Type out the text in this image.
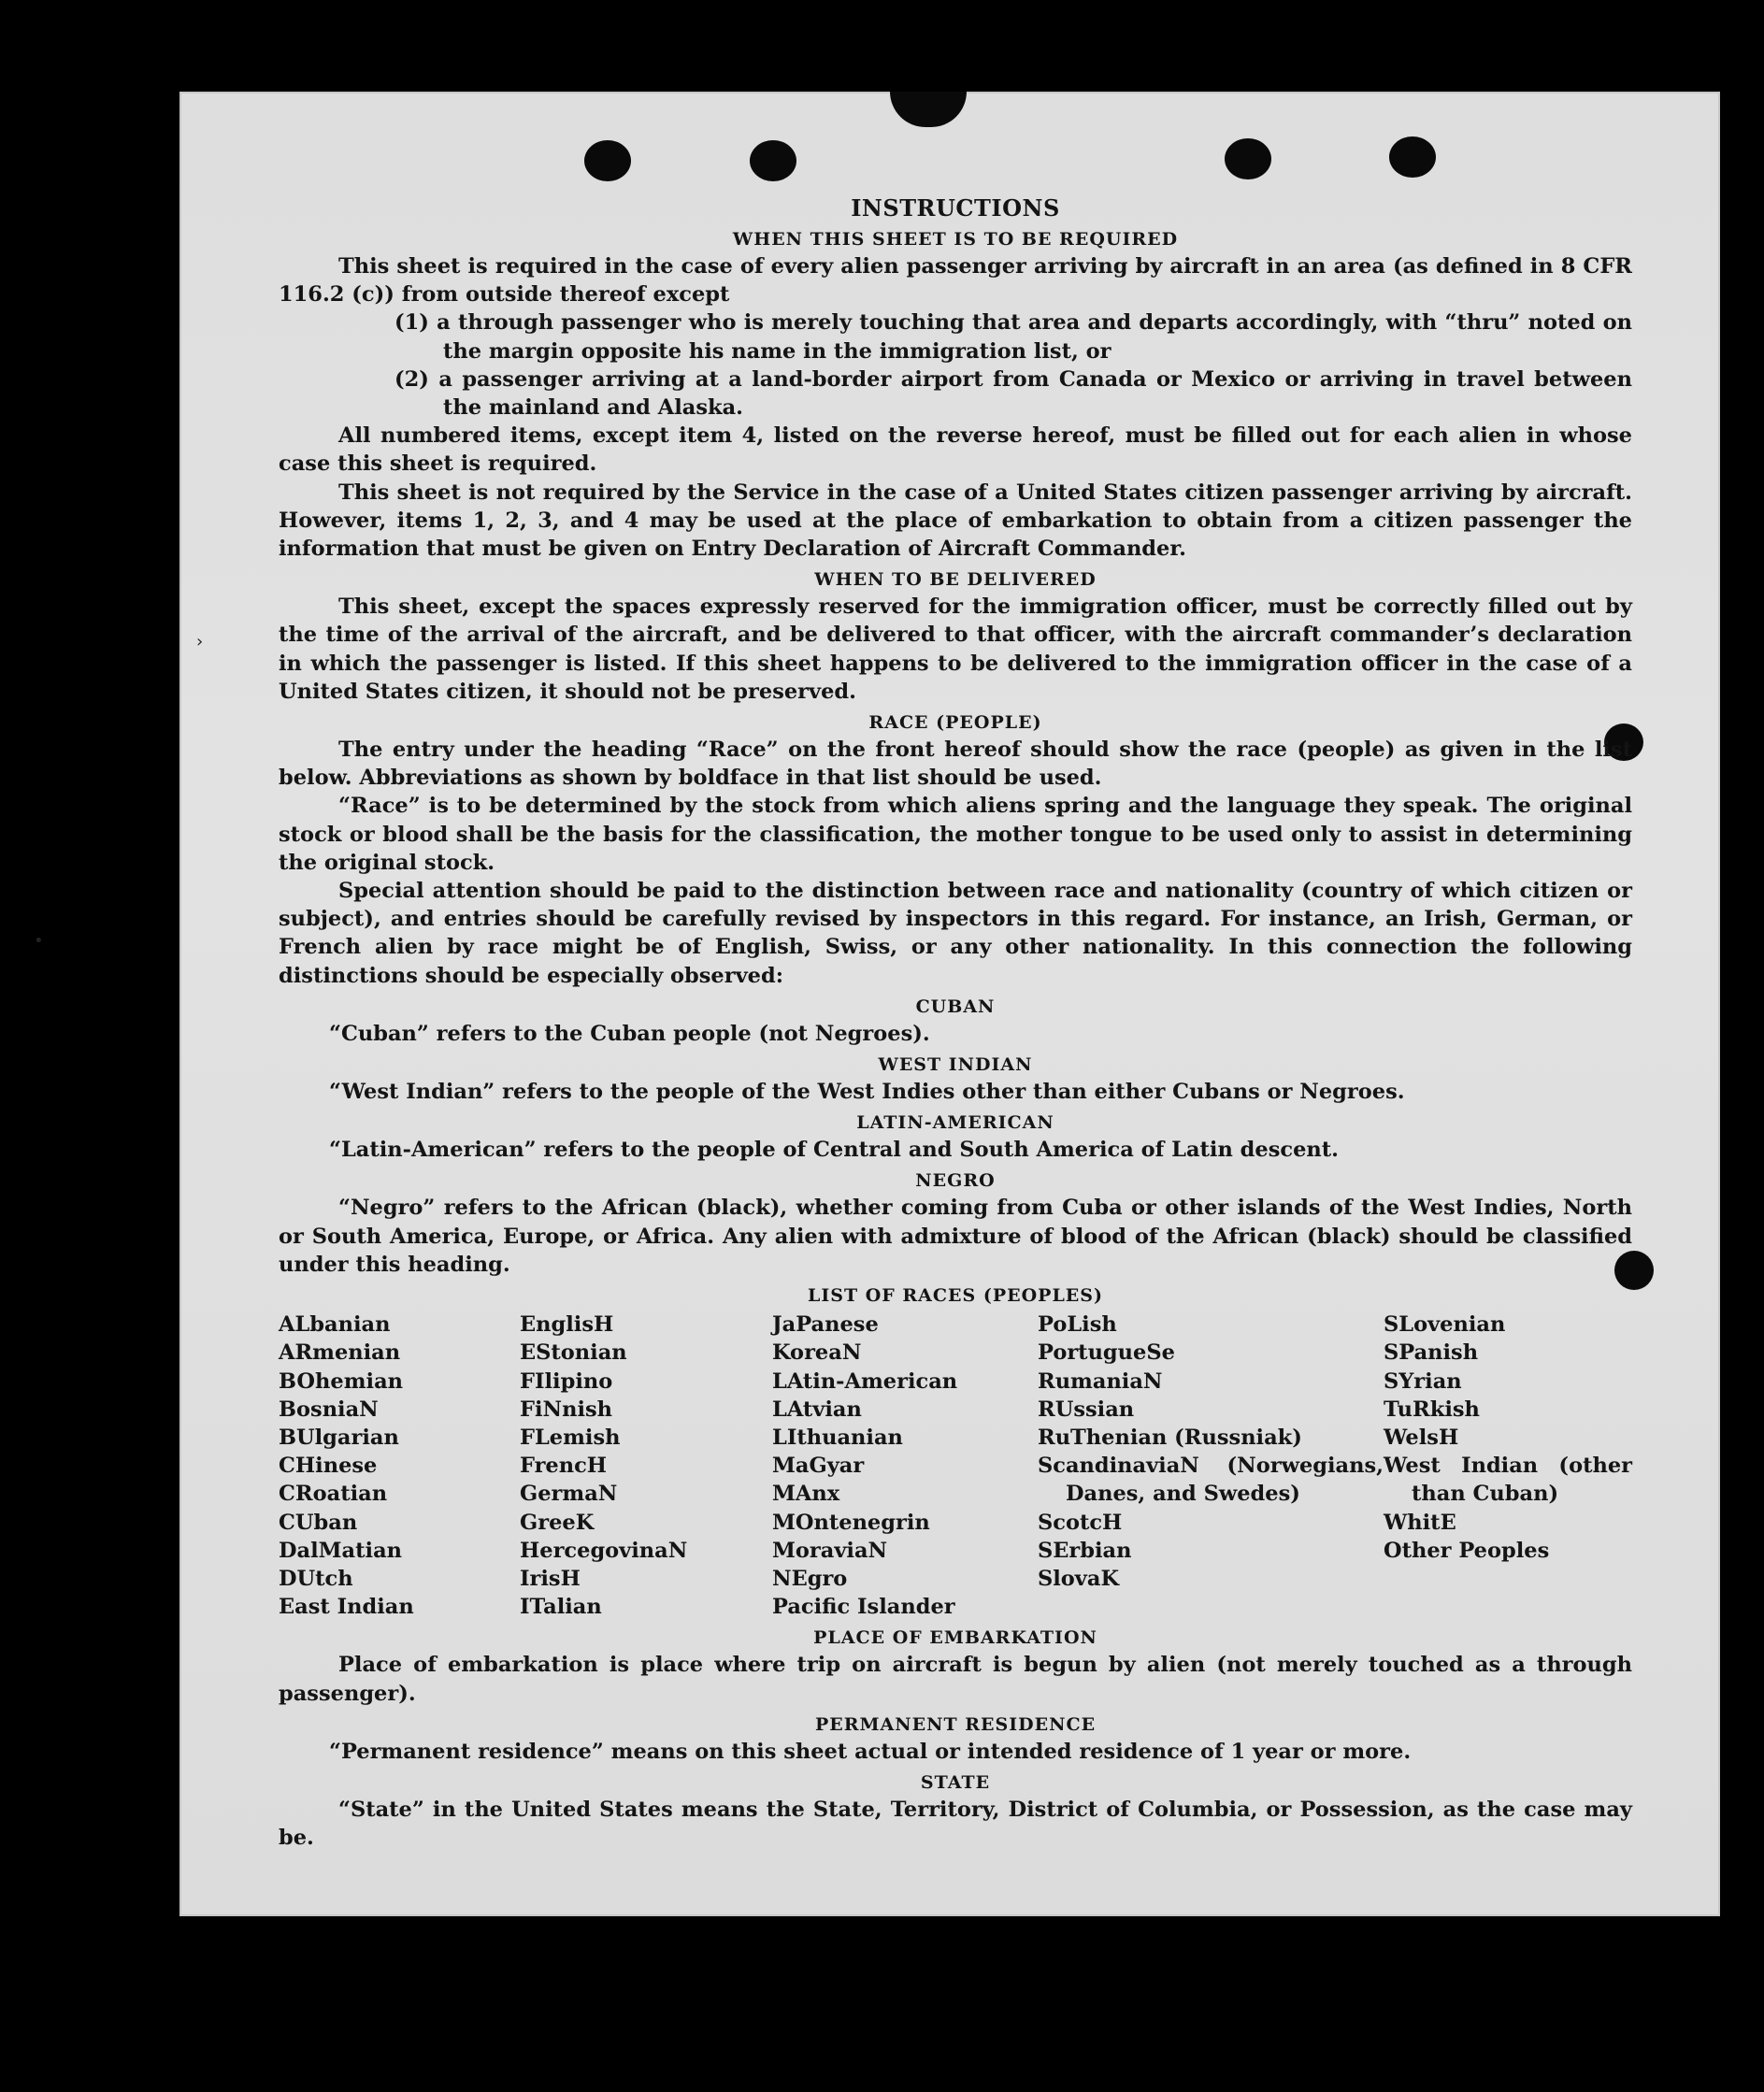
›
•
INSTRUCTIONS
WHEN THIS SHEET IS TO BE REQUIRED

This sheet is required in the case of every alien passenger arriving by aircraft in an area (as defined in 8 CFR 116.2 (c)) from outside thereof except

(1) a through passenger who is merely touching that area and departs accordingly, with “thru” noted on the margin opposite his name in the immigration list, or

(2) a passenger arriving at a land-border airport from Canada or Mexico or arriving in travel between the mainland and Alaska.

All numbered items, except item 4, listed on the reverse hereof, must be filled out for each alien in whose case this sheet is required.

This sheet is not required by the Service in the case of a United States citizen passenger arriving by aircraft. However, items 1, 2, 3, and 4 may be used at the place of embarkation to obtain from a citizen passenger the information that must be given on Entry Declaration of Aircraft Commander.

WHEN TO BE DELIVERED

This sheet, except the spaces expressly reserved for the immigration officer, must be correctly filled out by the time of the arrival of the aircraft, and be delivered to that officer, with the aircraft commander’s declaration in which the passenger is listed. If this sheet happens to be delivered to the immigration officer in the case of a United States citizen, it should not be preserved.

RACE (PEOPLE)

The entry under the heading “Race” on the front hereof should show the race (people) as given in the list below. Abbreviations as shown by boldface in that list should be used.

“Race” is to be determined by the stock from which aliens spring and the language they speak. The original stock or blood shall be the basis for the classification, the mother tongue to be used only to assist in determining the original stock.

Special attention should be paid to the distinction between race and nationality (country of which citizen or subject), and entries should be carefully revised by inspectors in this regard. For instance, an Irish, German, or French alien by race might be of English, Swiss, or any other nationality. In this connection the following distinctions should be especially observed:

CUBAN
“Cuban” refers to the Cuban people (not Negroes).
WEST INDIAN
“West Indian” refers to the people of the West Indies other than either Cubans or Negroes.
LATIN-AMERICAN
“Latin-American” refers to the people of Central and South America of Latin descent.
NEGRO

“Negro” refers to the African (black), whether coming from Cuba or other islands of the West Indies, North or South America, Europe, or Africa. Any alien with admixture of blood of the African (black) should be classified under this heading.

LIST OF RACES (PEOPLES)
ALbanian
ARmenian
BOhemian
BosniaN
BUlgarian
CHinese
CRoatian
CUban
DalMatian
DUtch
East Indian
EnglisH
EStonian
FIlipino
FiNnish
FLemish
FrencH
GermaN
GreeK
HercegovinaN
IrisH
ITalian
JaPanese
KoreaN
LAtin-American
LAtvian
LIthuanian
MaGyar
MAnx
MOntenegrin
MoraviaN
NEgro
Pacific Islander
PoLish
PortugueSe
RumaniaN
RUssian
RuThenian (Russniak)
ScandinaviaN (Norwegians, Danes, and Swedes)
ScotcH
SErbian
SlovaK
SLovenian
SPanish
SYrian
TuRkish
WelsH
West Indian (other than Cuban)
WhitE
Other Peoples
PLACE OF EMBARKATION

Place of embarkation is place where trip on aircraft is begun by alien (not merely touched as a through passenger).

PERMANENT RESIDENCE
“Permanent residence” means on this sheet actual or intended residence of 1 year or more.
STATE

“State” in the United States means the State, Territory, District of Columbia, or Possession, as the case may be.
